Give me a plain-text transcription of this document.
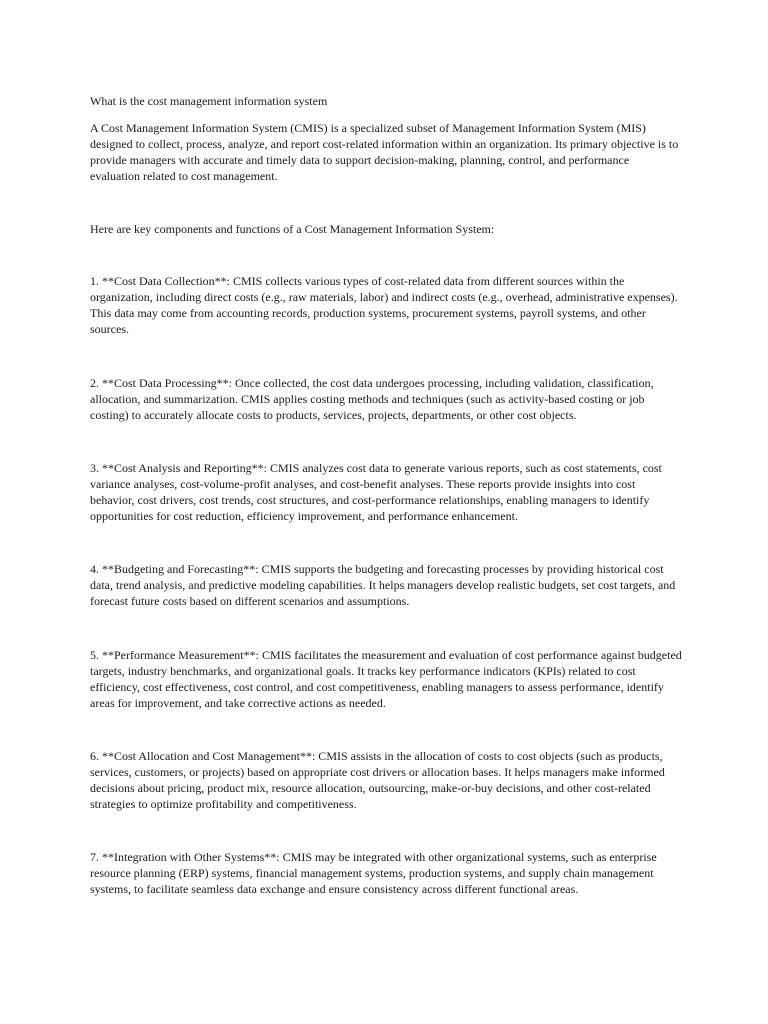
What is the cost management information system

A Cost Management Information System (CMIS) is a specialized subset of Management Information System (MIS) designed to collect, process, analyze, and report cost-related information within an organization. Its primary objective is to provide managers with accurate and timely data to support decision-making, planning, control, and performance evaluation related to cost management.

Here are key components and functions of a Cost Management Information System:

1. **Cost Data Collection**: CMIS collects various types of cost-related data from different sources within the organization, including direct costs (e.g., raw materials, labor) and indirect costs (e.g., overhead, administrative expenses). This data may come from accounting records, production systems, procurement systems, payroll systems, and other sources.

2. **Cost Data Processing**: Once collected, the cost data undergoes processing, including validation, classification, allocation, and summarization. CMIS applies costing methods and techniques (such as activity-based costing or job costing) to accurately allocate costs to products, services, projects, departments, or other cost objects.

3. **Cost Analysis and Reporting**: CMIS analyzes cost data to generate various reports, such as cost statements, cost variance analyses, cost-volume-profit analyses, and cost-benefit analyses. These reports provide insights into cost behavior, cost drivers, cost trends, cost structures, and cost-performance relationships, enabling managers to identify opportunities for cost reduction, efficiency improvement, and performance enhancement.

4. **Budgeting and Forecasting**: CMIS supports the budgeting and forecasting processes by providing historical cost data, trend analysis, and predictive modeling capabilities. It helps managers develop realistic budgets, set cost targets, and forecast future costs based on different scenarios and assumptions.

5. **Performance Measurement**: CMIS facilitates the measurement and evaluation of cost performance against budgeted targets, industry benchmarks, and organizational goals. It tracks key performance indicators (KPIs) related to cost efficiency, cost effectiveness, cost control, and cost competitiveness, enabling managers to assess performance, identify areas for improvement, and take corrective actions as needed.

6. **Cost Allocation and Cost Management**: CMIS assists in the allocation of costs to cost objects (such as products, services, customers, or projects) based on appropriate cost drivers or allocation bases. It helps managers make informed decisions about pricing, product mix, resource allocation, outsourcing, make-or-buy decisions, and other cost-related strategies to optimize profitability and competitiveness.

7. **Integration with Other Systems**: CMIS may be integrated with other organizational systems, such as enterprise resource planning (ERP) systems, financial management systems, production systems, and supply chain management systems, to facilitate seamless data exchange and ensure consistency across different functional areas.
